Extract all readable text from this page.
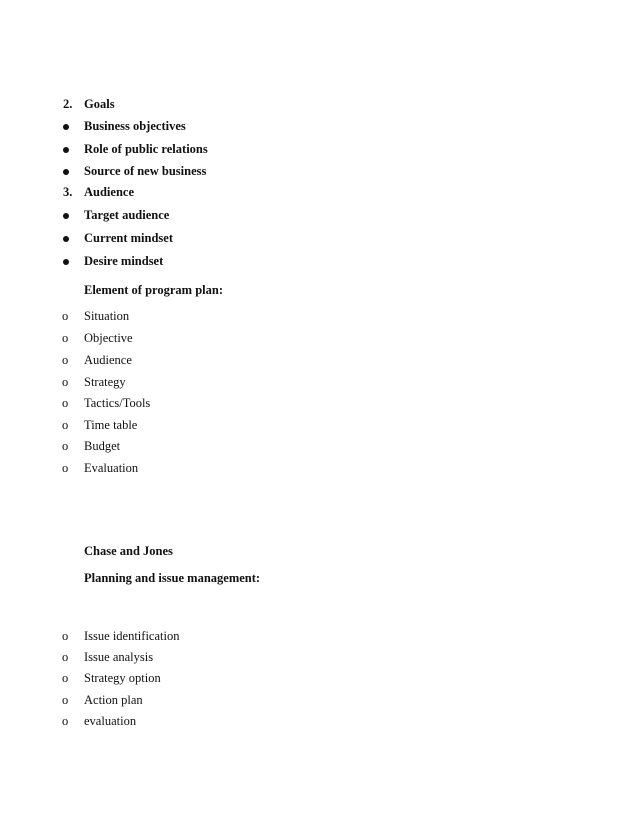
2. Goals
Business objectives
Role of public relations
Source of new business
3. Audience
Target audience
Current mindset
Desire mindset
Element of program plan:
o Situation
o Objective
o Audience
o Strategy
o Tactics/Tools
o Time table
o Budget
o Evaluation
Chase and Jones
Planning and issue management:
o Issue identification
o Issue analysis
o Strategy option
o Action plan
o evaluation
